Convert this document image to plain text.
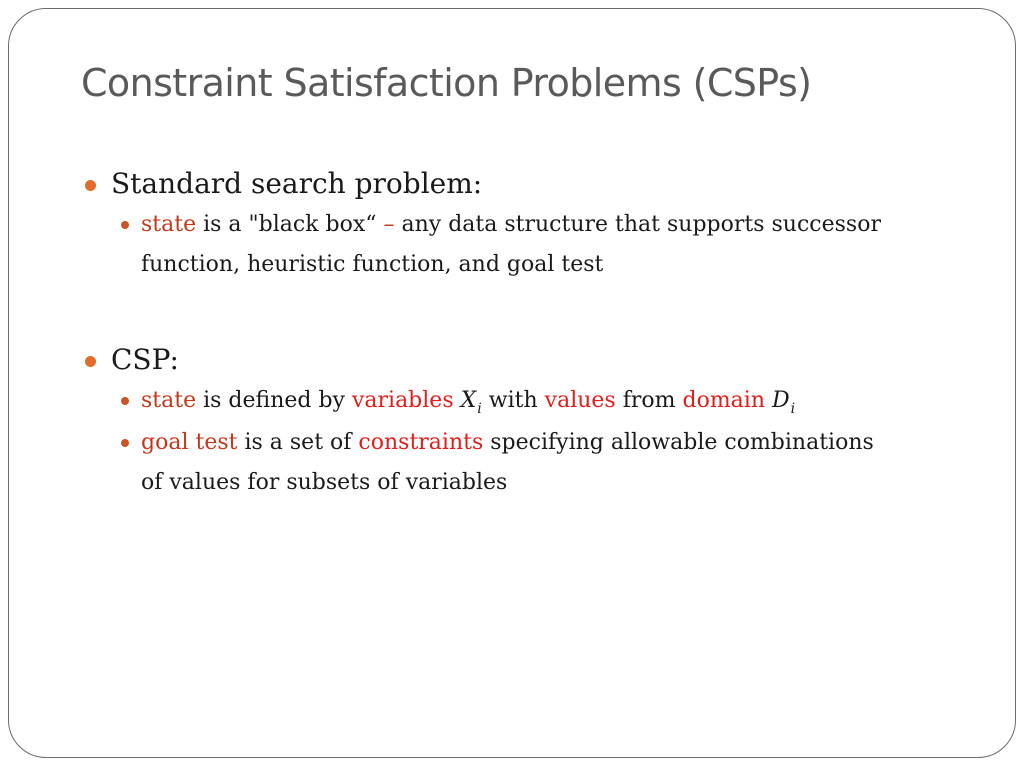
Constraint Satisfaction Problems (CSPs)

Standard search problem:

state is a "black box“ – any data structure that supports successor function, heuristic function, and goal test

CSP:

state is defined by variables $X_i$ with values from domain $D_i$

goal test is a set of constraints specifying allowable combinations of values for subsets of variables
